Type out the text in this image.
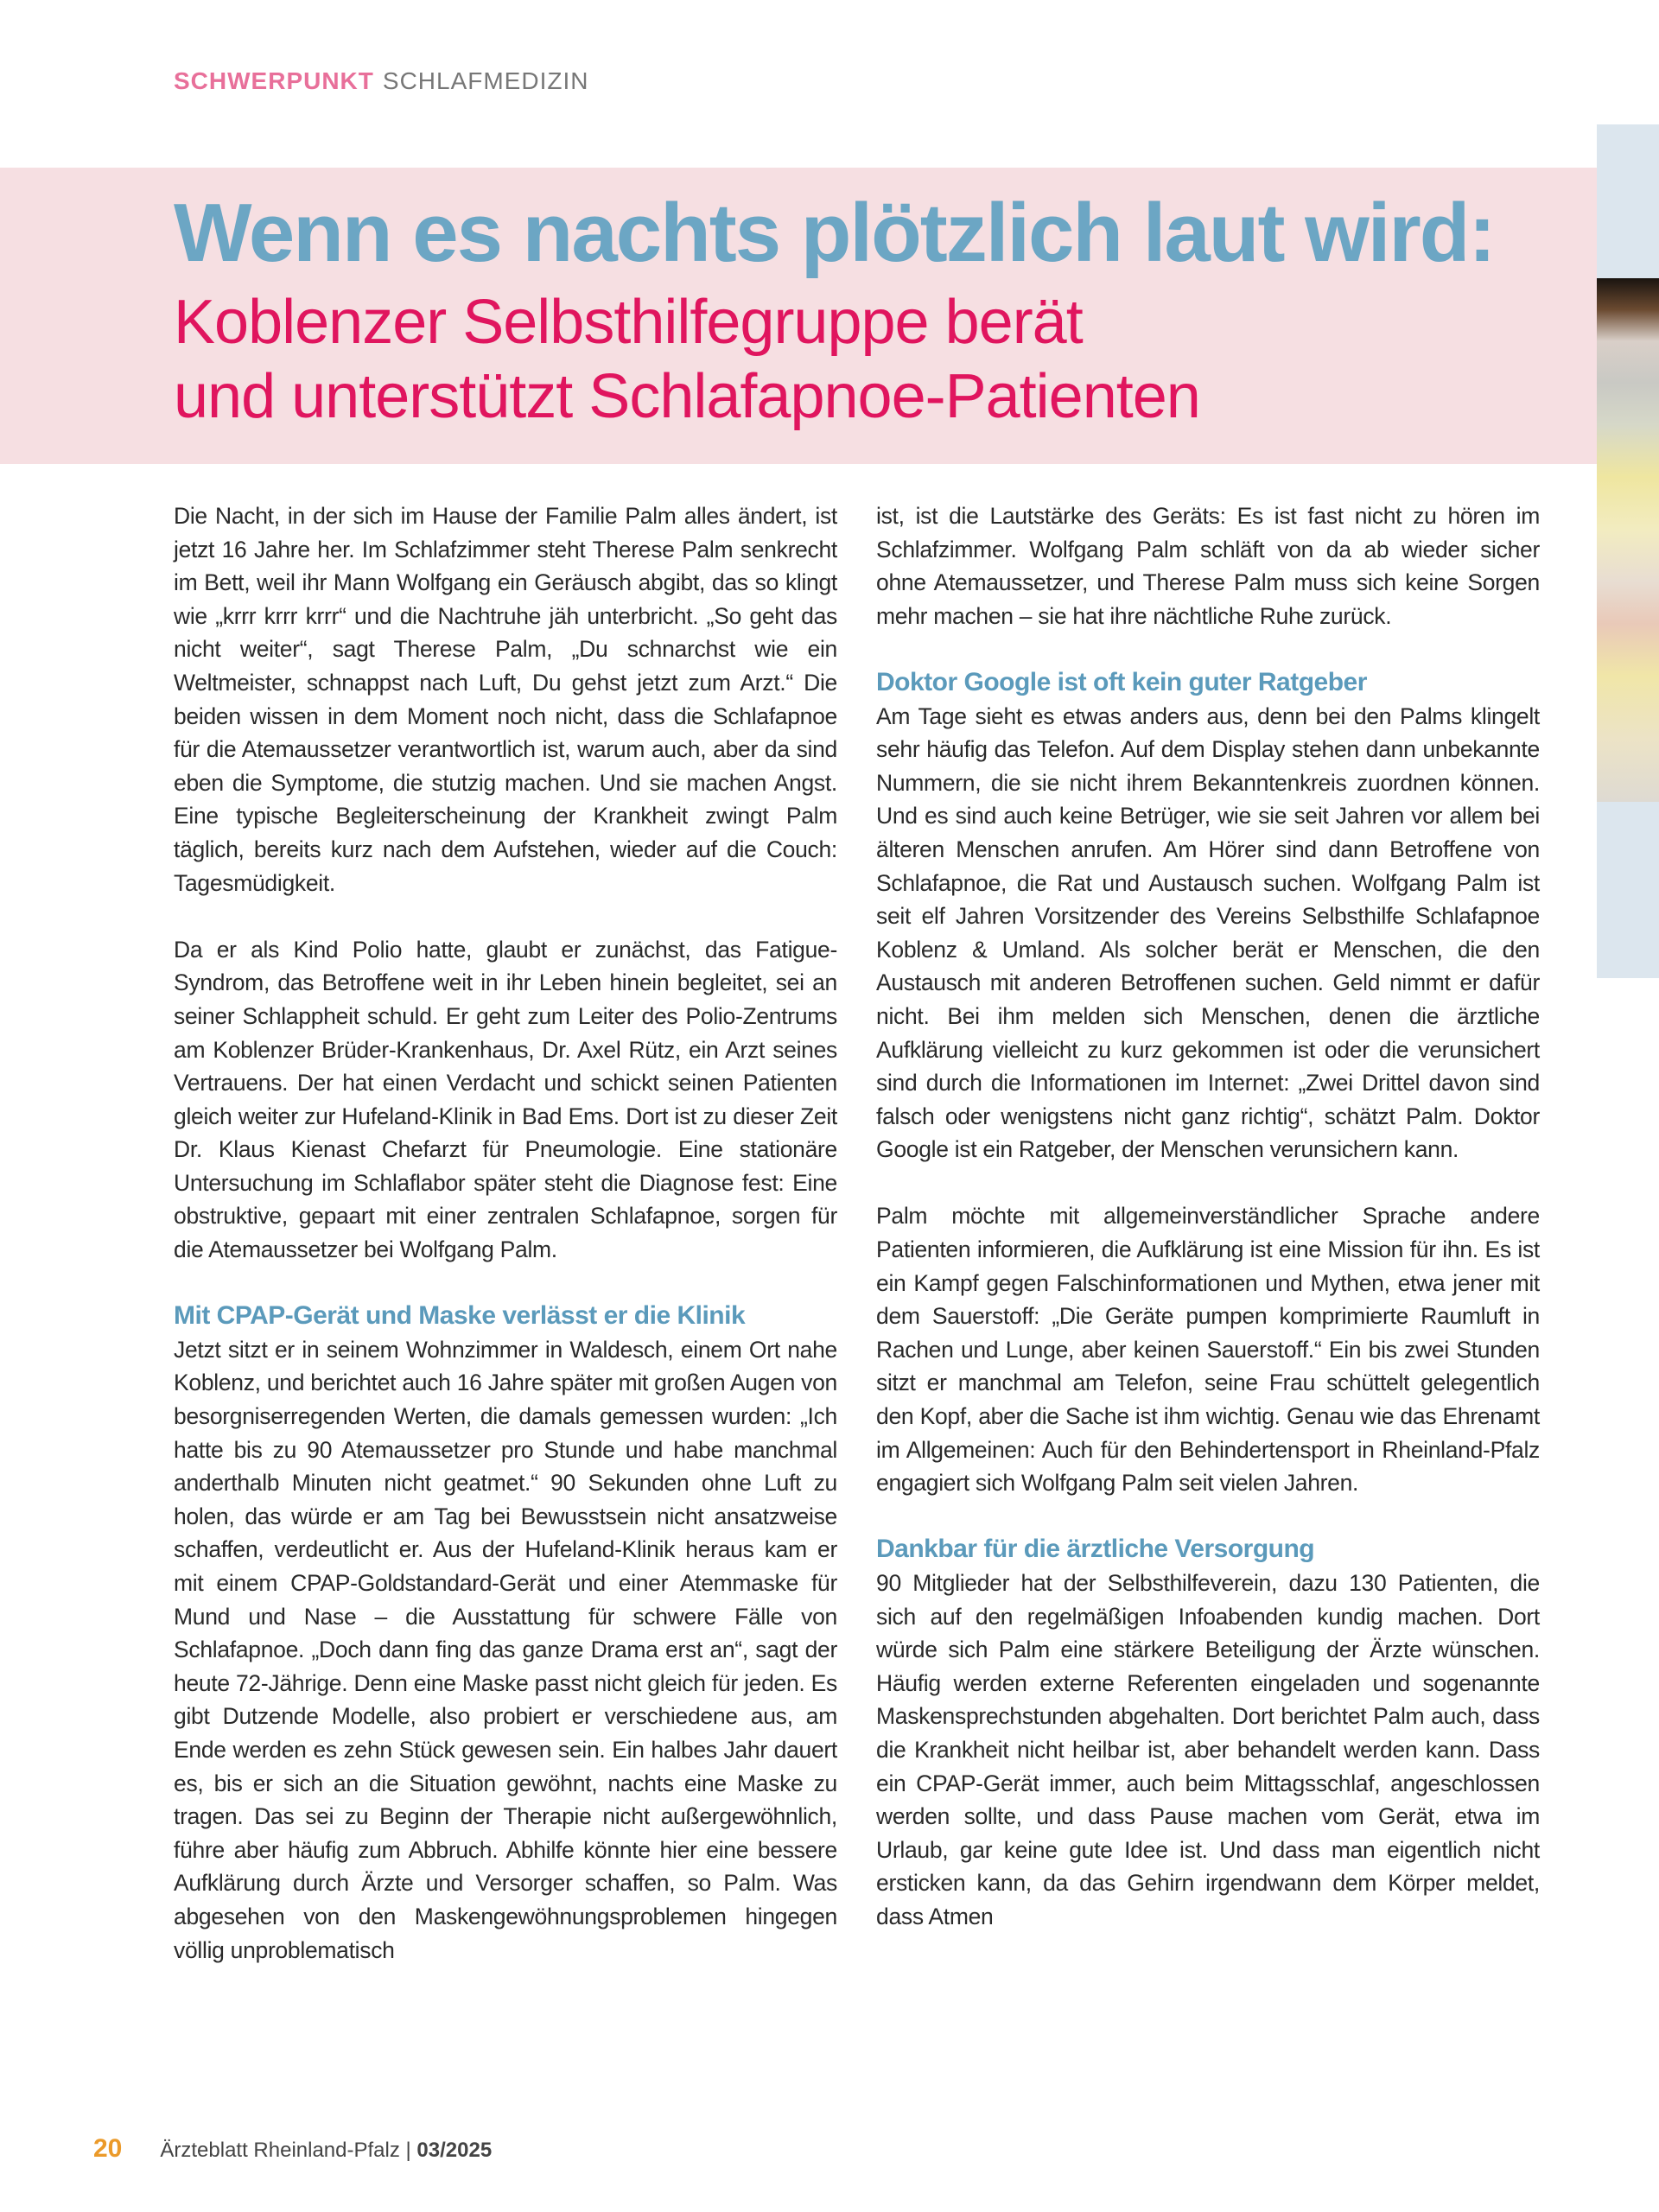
SCHWERPUNKT SCHLAFMEDIZIN
Wenn es nachts plötzlich laut wird:
Koblenzer Selbsthilfegruppe berät
und unterstützt Schlafapnoe-Patienten

Die Nacht, in der sich im Hause der Familie Palm alles ändert, ist jetzt 16 Jahre her. Im Schlafzimmer steht Therese Palm senkrecht im Bett, weil ihr Mann Wolfgang ein Geräusch abgibt, das so klingt wie „krrr krrr krrr“ und die Nachtruhe jäh unterbricht. „So geht das nicht weiter“, sagt Therese Palm, „Du schnarchst wie ein Weltmeister, schnappst nach Luft, Du gehst jetzt zum Arzt.“ Die beiden wissen in dem Moment noch nicht, dass die Schlafapnoe für die Atemaussetzer verantwortlich ist, warum auch, aber da sind eben die Symptome, die stutzig machen. Und sie machen Angst. Eine typische Begleiterscheinung der Krankheit zwingt Palm täglich, bereits kurz nach dem Aufstehen, wieder auf die Couch: Tagesmüdigkeit.

Da er als Kind Polio hatte, glaubt er zunächst, das Fatigue-Syndrom, das Betroffene weit in ihr Leben hinein begleitet, sei an seiner Schlappheit schuld. Er geht zum Leiter des Polio-Zentrums am Koblenzer Brüder-Krankenhaus, Dr. Axel Rütz, ein Arzt seines Vertrauens. Der hat einen Verdacht und schickt seinen Patienten gleich weiter zur Hufeland-Klinik in Bad Ems. Dort ist zu dieser Zeit Dr. Klaus Kienast Chefarzt für Pneumologie. Eine stationäre Untersuchung im Schlaflabor später steht die Diagnose fest: Eine obstruktive, gepaart mit einer zentralen Schlafapnoe, sorgen für die Atemaussetzer bei Wolfgang Palm.

Mit CPAP-Gerät und Maske verlässt er die Klinik

Jetzt sitzt er in seinem Wohnzimmer in Waldesch, einem Ort nahe Koblenz, und berichtet auch 16 Jahre später mit großen Augen von besorgniserregenden Werten, die damals gemessen wurden: „Ich hatte bis zu 90 Atemaussetzer pro Stunde und habe manchmal anderthalb Minuten nicht geatmet.“ 90 Sekunden ohne Luft zu holen, das würde er am Tag bei Bewusstsein nicht ansatzweise schaffen, verdeutlicht er. Aus der Hufeland-Klinik heraus kam er mit einem CPAP-Goldstandard-Gerät und einer Atemmaske für Mund und Nase – die Ausstattung für schwere Fälle von Schlafapnoe. „Doch dann fing das ganze Drama erst an“, sagt der heute 72-Jährige. Denn eine Maske passt nicht gleich für jeden. Es gibt Dutzende Modelle, also probiert er verschiedene aus, am Ende werden es zehn Stück gewesen sein. Ein halbes Jahr dauert es, bis er sich an die Situation gewöhnt, nachts eine Maske zu tragen. Das sei zu Beginn der Therapie nicht außergewöhnlich, führe aber häufig zum Abbruch. Abhilfe könnte hier eine bessere Aufklärung durch Ärzte und Versorger schaffen, so Palm. Was abgesehen von den Maskengewöhnungsproblemen hingegen völlig unproblematisch

ist, ist die Lautstärke des Geräts: Es ist fast nicht zu hören im Schlafzimmer. Wolfgang Palm schläft von da ab wieder sicher ohne Atemaussetzer, und Therese Palm muss sich keine Sorgen mehr machen – sie hat ihre nächtliche Ruhe zurück.

Doktor Google ist oft kein guter Ratgeber

Am Tage sieht es etwas anders aus, denn bei den Palms klingelt sehr häufig das Telefon. Auf dem Display stehen dann unbekannte Nummern, die sie nicht ihrem Bekanntenkreis zuordnen können. Und es sind auch keine Betrüger, wie sie seit Jahren vor allem bei älteren Menschen anrufen. Am Hörer sind dann Betroffene von Schlafapnoe, die Rat und Austausch suchen. Wolfgang Palm ist seit elf Jahren Vorsitzender des Vereins Selbsthilfe Schlafapnoe Koblenz & Umland. Als solcher berät er Menschen, die den Austausch mit anderen Betroffenen suchen. Geld nimmt er dafür nicht. Bei ihm melden sich Menschen, denen die ärztliche Aufklärung vielleicht zu kurz gekommen ist oder die verunsichert sind durch die Informationen im Internet: „Zwei Drittel davon sind falsch oder wenigstens nicht ganz richtig“, schätzt Palm. Doktor Google ist ein Ratgeber, der Menschen verunsichern kann.

Palm möchte mit allgemeinverständlicher Sprache andere Patienten informieren, die Aufklärung ist eine Mission für ihn. Es ist ein Kampf gegen Falschinformationen und Mythen, etwa jener mit dem Sauerstoff: „Die Geräte pumpen komprimierte Raumluft in Rachen und Lunge, aber keinen Sauerstoff.“ Ein bis zwei Stunden sitzt er manchmal am Telefon, seine Frau schüttelt gelegentlich den Kopf, aber die Sache ist ihm wichtig. Genau wie das Ehrenamt im Allgemeinen: Auch für den Behindertensport in Rheinland-Pfalz engagiert sich Wolfgang Palm seit vielen Jahren.

Dankbar für die ärztliche Versorgung

90 Mitglieder hat der Selbsthilfeverein, dazu 130 Patienten, die sich auf den regelmäßigen Infoabenden kundig machen. Dort würde sich Palm eine stärkere Beteiligung der Ärzte wünschen. Häufig werden externe Referenten eingeladen und sogenannte Maskensprechstunden abgehalten. Dort berichtet Palm auch, dass die Krankheit nicht heilbar ist, aber behandelt werden kann. Dass ein CPAP-Gerät immer, auch beim Mittagsschlaf, angeschlossen werden sollte, und dass Pause machen vom Gerät, etwa im Urlaub, gar keine gute Idee ist. Und dass man eigentlich nicht ersticken kann, da das Gehirn irgendwann dem Körper meldet, dass Atmen

20 Ärzteblatt Rheinland-Pfalz | 03/2025
